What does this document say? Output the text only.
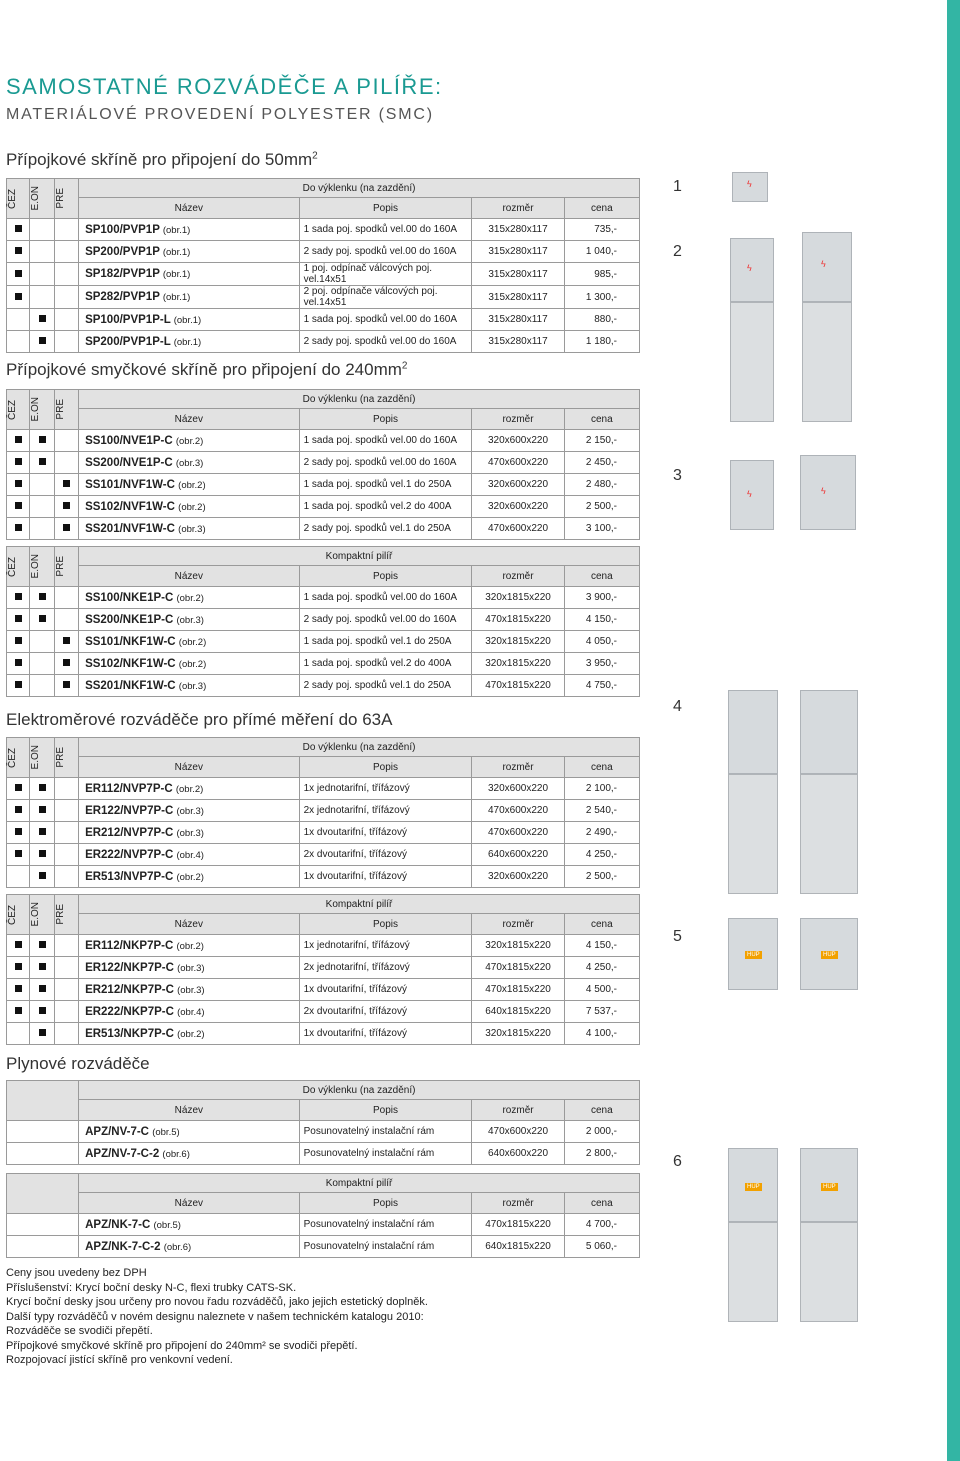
SAMOSTATNÉ ROZVÁDĚČE A PILÍŘE:
MATERIÁLOVÉ PROVEDENÍ POLYESTER (SMC)
Přípojkové skříně pro připojení do $50mm^2$
ČEZ	E.ON	PRE	Do výklenku (na zazdění)			
			Název	Popis	rozměr	cena
			SP100/PVP1P (obr.1)	1 sada poj. spodků vel.00 do 160A	315x280x117	735,-
			SP200/PVP1P (obr.1)	2 sady poj. spodků vel.00 do 160A	315x280x117	1 040,-
			SP182/PVP1P (obr.1)	1 poj. odpínač válcových poj. vel.14x51	315x280x117	985,-
			SP282/PVP1P (obr.1)	2 poj. odpínače válcových poj. vel.14x51	315x280x117	1 300,-
			SP100/PVP1P-L (obr.1)	1 sada poj. spodků vel.00 do 160A	315x280x117	880,-
			SP200/PVP1P-L (obr.1)	2 sady poj. spodků vel.00 do 160A	315x280x117	1 180,-
Přípojkové smyčkové skříně pro připojení do $240mm^2$
ČEZ	E.ON	PRE	Do výklenku (na zazdění)			
			Název	Popis	rozměr	cena
			SS100/NVE1P-C (obr.2)	1 sada poj. spodků vel.00 do 160A	320x600x220	2 150,-
			SS200/NVE1P-C (obr.3)	2 sady poj. spodků vel.00 do 160A	470x600x220	2 450,-
			SS101/NVF1W-C (obr.2)	1 sada poj. spodků vel.1 do 250A	320x600x220	2 480,-
			SS102/NVF1W-C (obr.2)	1 sada poj. spodků vel.2 do 400A	320x600x220	2 500,-
			SS201/NVF1W-C (obr.3)	2 sady poj. spodků vel.1 do 250A	470x600x220	3 100,-
ČEZ	E.ON	PRE	Kompaktní pilíř			
			Název	Popis	rozměr	cena
			SS100/NKE1P-C (obr.2)	1 sada poj. spodků vel.00 do 160A	320x1815x220	3 900,-
			SS200/NKE1P-C (obr.3)	2 sady poj. spodků vel.00 do 160A	470x1815x220	4 150,-
			SS101/NKF1W-C (obr.2)	1 sada poj. spodků vel.1 do 250A	320x1815x220	4 050,-
			SS102/NKF1W-C (obr.2)	1 sada poj. spodků vel.2 do 400A	320x1815x220	3 950,-
			SS201/NKF1W-C (obr.3)	2 sady poj. spodků vel.1 do 250A	470x1815x220	4 750,-
Elektroměrové rozváděče pro přímé měření do 63A
ČEZ	E.ON	PRE	Do výklenku (na zazdění)			
			Název	Popis	rozměr	cena
			ER112/NVP7P-C (obr.2)	1x jednotarifní, třífázový	320x600x220	2 100,-
			ER122/NVP7P-C (obr.3)	2x jednotarifní, třífázový	470x600x220	2 540,-
			ER212/NVP7P-C (obr.3)	1x dvoutarifní, třífázový	470x600x220	2 490,-
			ER222/NVP7P-C (obr.4)	2x dvoutarifní, třífázový	640x600x220	4 250,-
			ER513/NVP7P-C (obr.2)	1x dvoutarifní, třífázový	320x600x220	2 500,-
ČEZ	E.ON	PRE	Kompaktní pilíř			
			Název	Popis	rozměr	cena
			ER112/NKP7P-C (obr.2)	1x jednotarifní, třífázový	320x1815x220	4 150,-
			ER122/NKP7P-C (obr.3)	2x jednotarifní, třífázový	470x1815x220	4 250,-
			ER212/NKP7P-C (obr.3)	1x dvoutarifní, třífázový	470x1815x220	4 500,-
			ER222/NKP7P-C (obr.4)	2x dvoutarifní, třífázový	640x1815x220	7 537,-
			ER513/NKP7P-C (obr.2)	1x dvoutarifní, třífázový	320x1815x220	4 100,-
Plynové rozváděče
	Do výklenku (na zazdění)			
	Název	Popis	rozměr	cena
	APZ/NV-7-C (obr.5)	Posunovatelný instalační rám	470x600x220	2 000,-
	APZ/NV-7-C-2 (obr.6)	Posunovatelný instalační rám	640x600x220	2 800,-
	Kompaktní pilíř			
	Název	Popis	rozměr	cena
	APZ/NK-7-C (obr.5)	Posunovatelný instalační rám	470x1815x220	4 700,-
	APZ/NK-7-C-2 (obr.6)	Posunovatelný instalační rám	640x1815x220	5 060,-
Ceny jsou uvedeny bez DPH
Příslušenství: Krycí boční desky N-C, flexi trubky CATS-SK.
Krycí boční desky jsou určeny pro novou řadu rozváděčů, jako jejich estetický doplněk.
Další typy rozváděčů v novém designu naleznete v našem technickém katalogu 2010:
Rozváděče se svodiči přepětí.
Přípojkové smyčkové skříně pro připojení do 240mm² se svodiči přepětí.
Rozpojovací jistící skříně pro venkovní vedení.
1
2
3
4
5
6
ϟ
ϟ	ϟ
ϟ	ϟ
HUP	HUP
HUP	HUP
